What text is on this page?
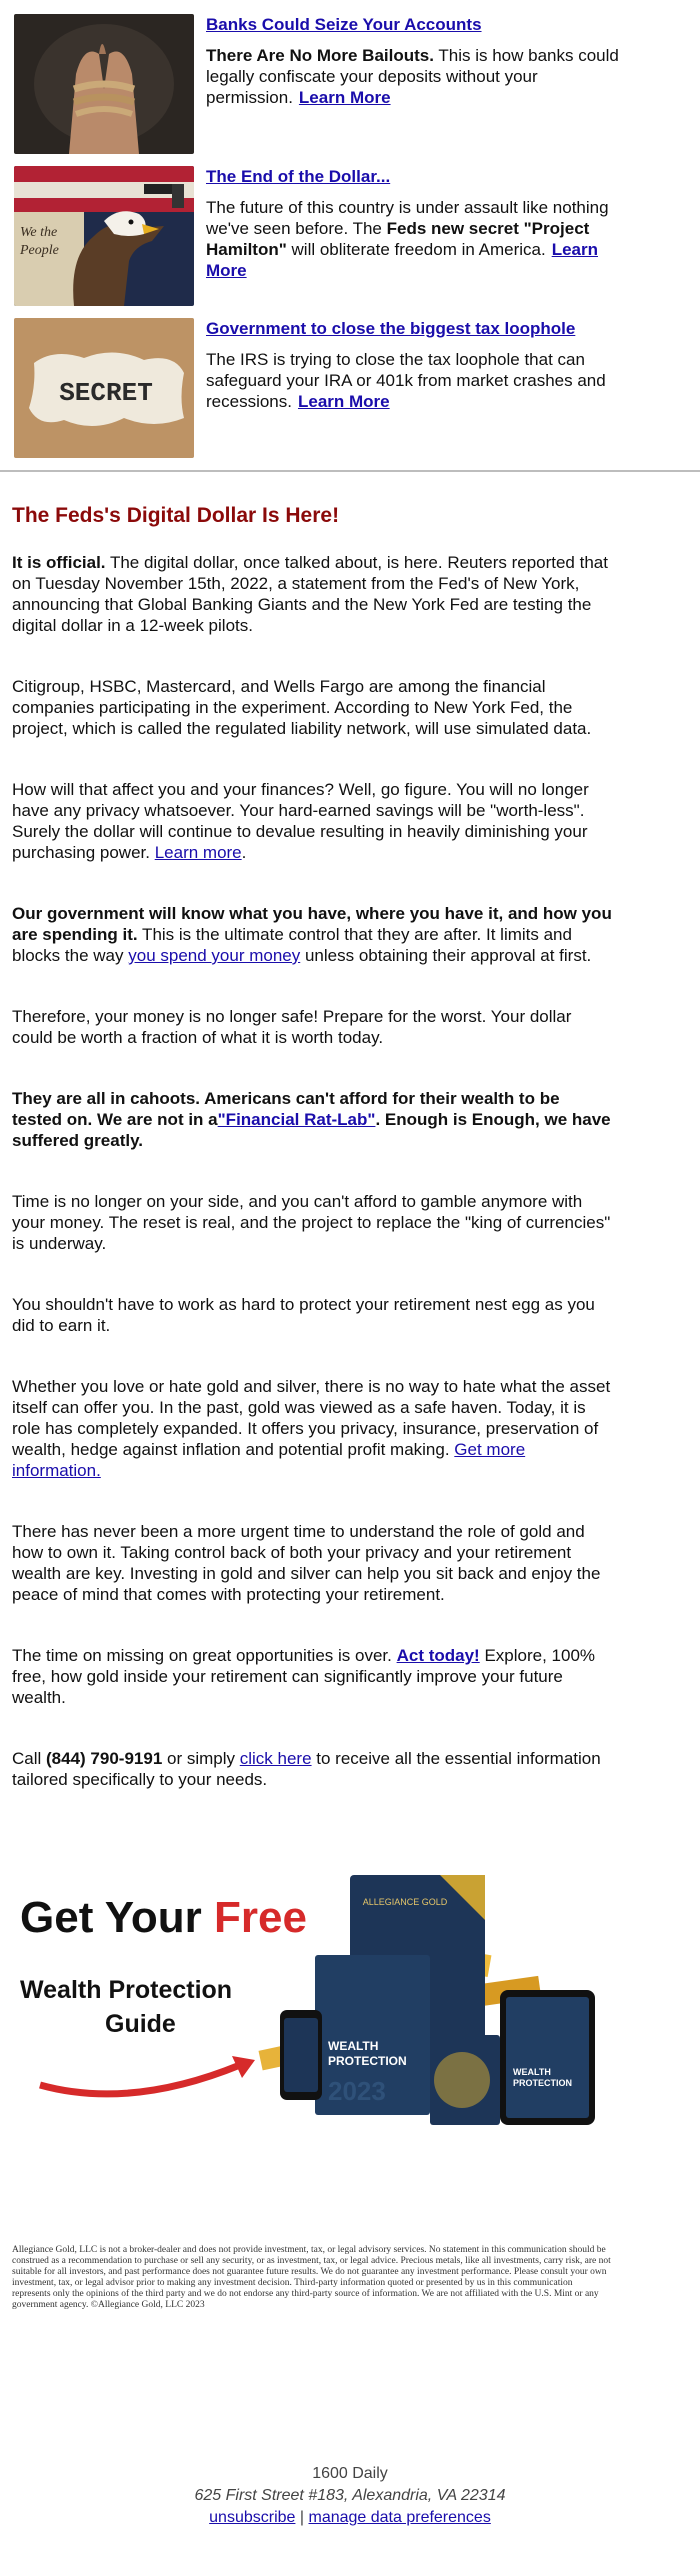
Banks Could Seize Your Accounts
There Are No More Bailouts. This is how banks could legally confiscate your deposits without your permission. Learn More
We the
People
The End of the Dollar...
The future of this country is under assault like nothing we've seen before. The Feds new secret "Project Hamilton" will obliterate freedom in America. Learn More
SECRET
Government to close the biggest tax loophole
The IRS is trying to close the tax loophole that can safeguard your IRA or 401k from market crashes and recessions. Learn More
The Feds's Digital Dollar Is Here!

It is official. The digital dollar, once talked about, is here. Reuters reported that on Tuesday November 15th, 2022, a statement from the Fed's of New York, announcing that Global Banking Giants and the New York Fed are testing the digital dollar in a 12-week pilots.

Citigroup, HSBC, Mastercard, and Wells Fargo are among the financial companies participating in the experiment. According to New York Fed, the project, which is called the regulated liability network, will use simulated data.

How will that affect you and your finances? Well, go figure. You will no longer have any privacy whatsoever. Your hard-earned savings will be "worth-less". Surely the dollar will continue to devalue resulting in heavily diminishing your purchasing power. Learn more.

Our government will know what you have, where you have it, and how you are spending it. This is the ultimate control that they are after. It limits and blocks the way you spend your money unless obtaining their approval at first.

Therefore, your money is no longer safe! Prepare for the worst. Your dollar could be worth a fraction of what it is worth today.

They are all in cahoots. Americans can't afford for their wealth to be tested on. We are not in a"Financial Rat-Lab". Enough is Enough, we have suffered greatly.

Time is no longer on your side, and you can't afford to gamble anymore with your money. The reset is real, and the project to replace the "king of currencies" is underway.

You shouldn't have to work as hard to protect your retirement nest egg as you did to earn it.

Whether you love or hate gold and silver, there is no way to hate what the asset itself can offer you. In the past, gold was viewed as a safe haven. Today, it is role has completely expanded. It offers you privacy, insurance, preservation of wealth, hedge against inflation and potential profit making. Get more information.

There has never been a more urgent time to understand the role of gold and how to own it. Taking control back of both your privacy and your retirement wealth are key. Investing in gold and silver can help you sit back and enjoy the peace of mind that comes with protecting your retirement.

The time on missing on great opportunities is over. Act today! Explore, 100% free, how gold inside your retirement can significantly improve your future wealth.

Call (844) 790-9191 or simply click here to receive all the essential information tailored specifically to your needs.

Get Your Free
Wealth Protection
Guide
ALLEGIANCE GOLD
WEALTH
PROTECTION
2023
WEALTH
PROTECTION
Allegiance Gold, LLC is not a broker-dealer and does not provide investment, tax, or legal advisory services. No statement in this communication should be construed as a recommendation to purchase or sell any security, or as investment, tax, or legal advice. Precious metals, like all investments, carry risk, are not suitable for all investors, and past performance does not guarantee future results. We do not guarantee any investment performance. Please consult your own investment, tax, or legal advisor prior to making any investment decision. Third-party information quoted or presented by us in this communication represents only the opinions of the third party and we do not endorse any third-party source of information. We are not affiliated with the U.S. Mint or any government agency. ©Allegiance Gold, LLC 2023
1600 Daily
625 First Street #183, Alexandria, VA 22314
unsubscribe | manage data preferences
